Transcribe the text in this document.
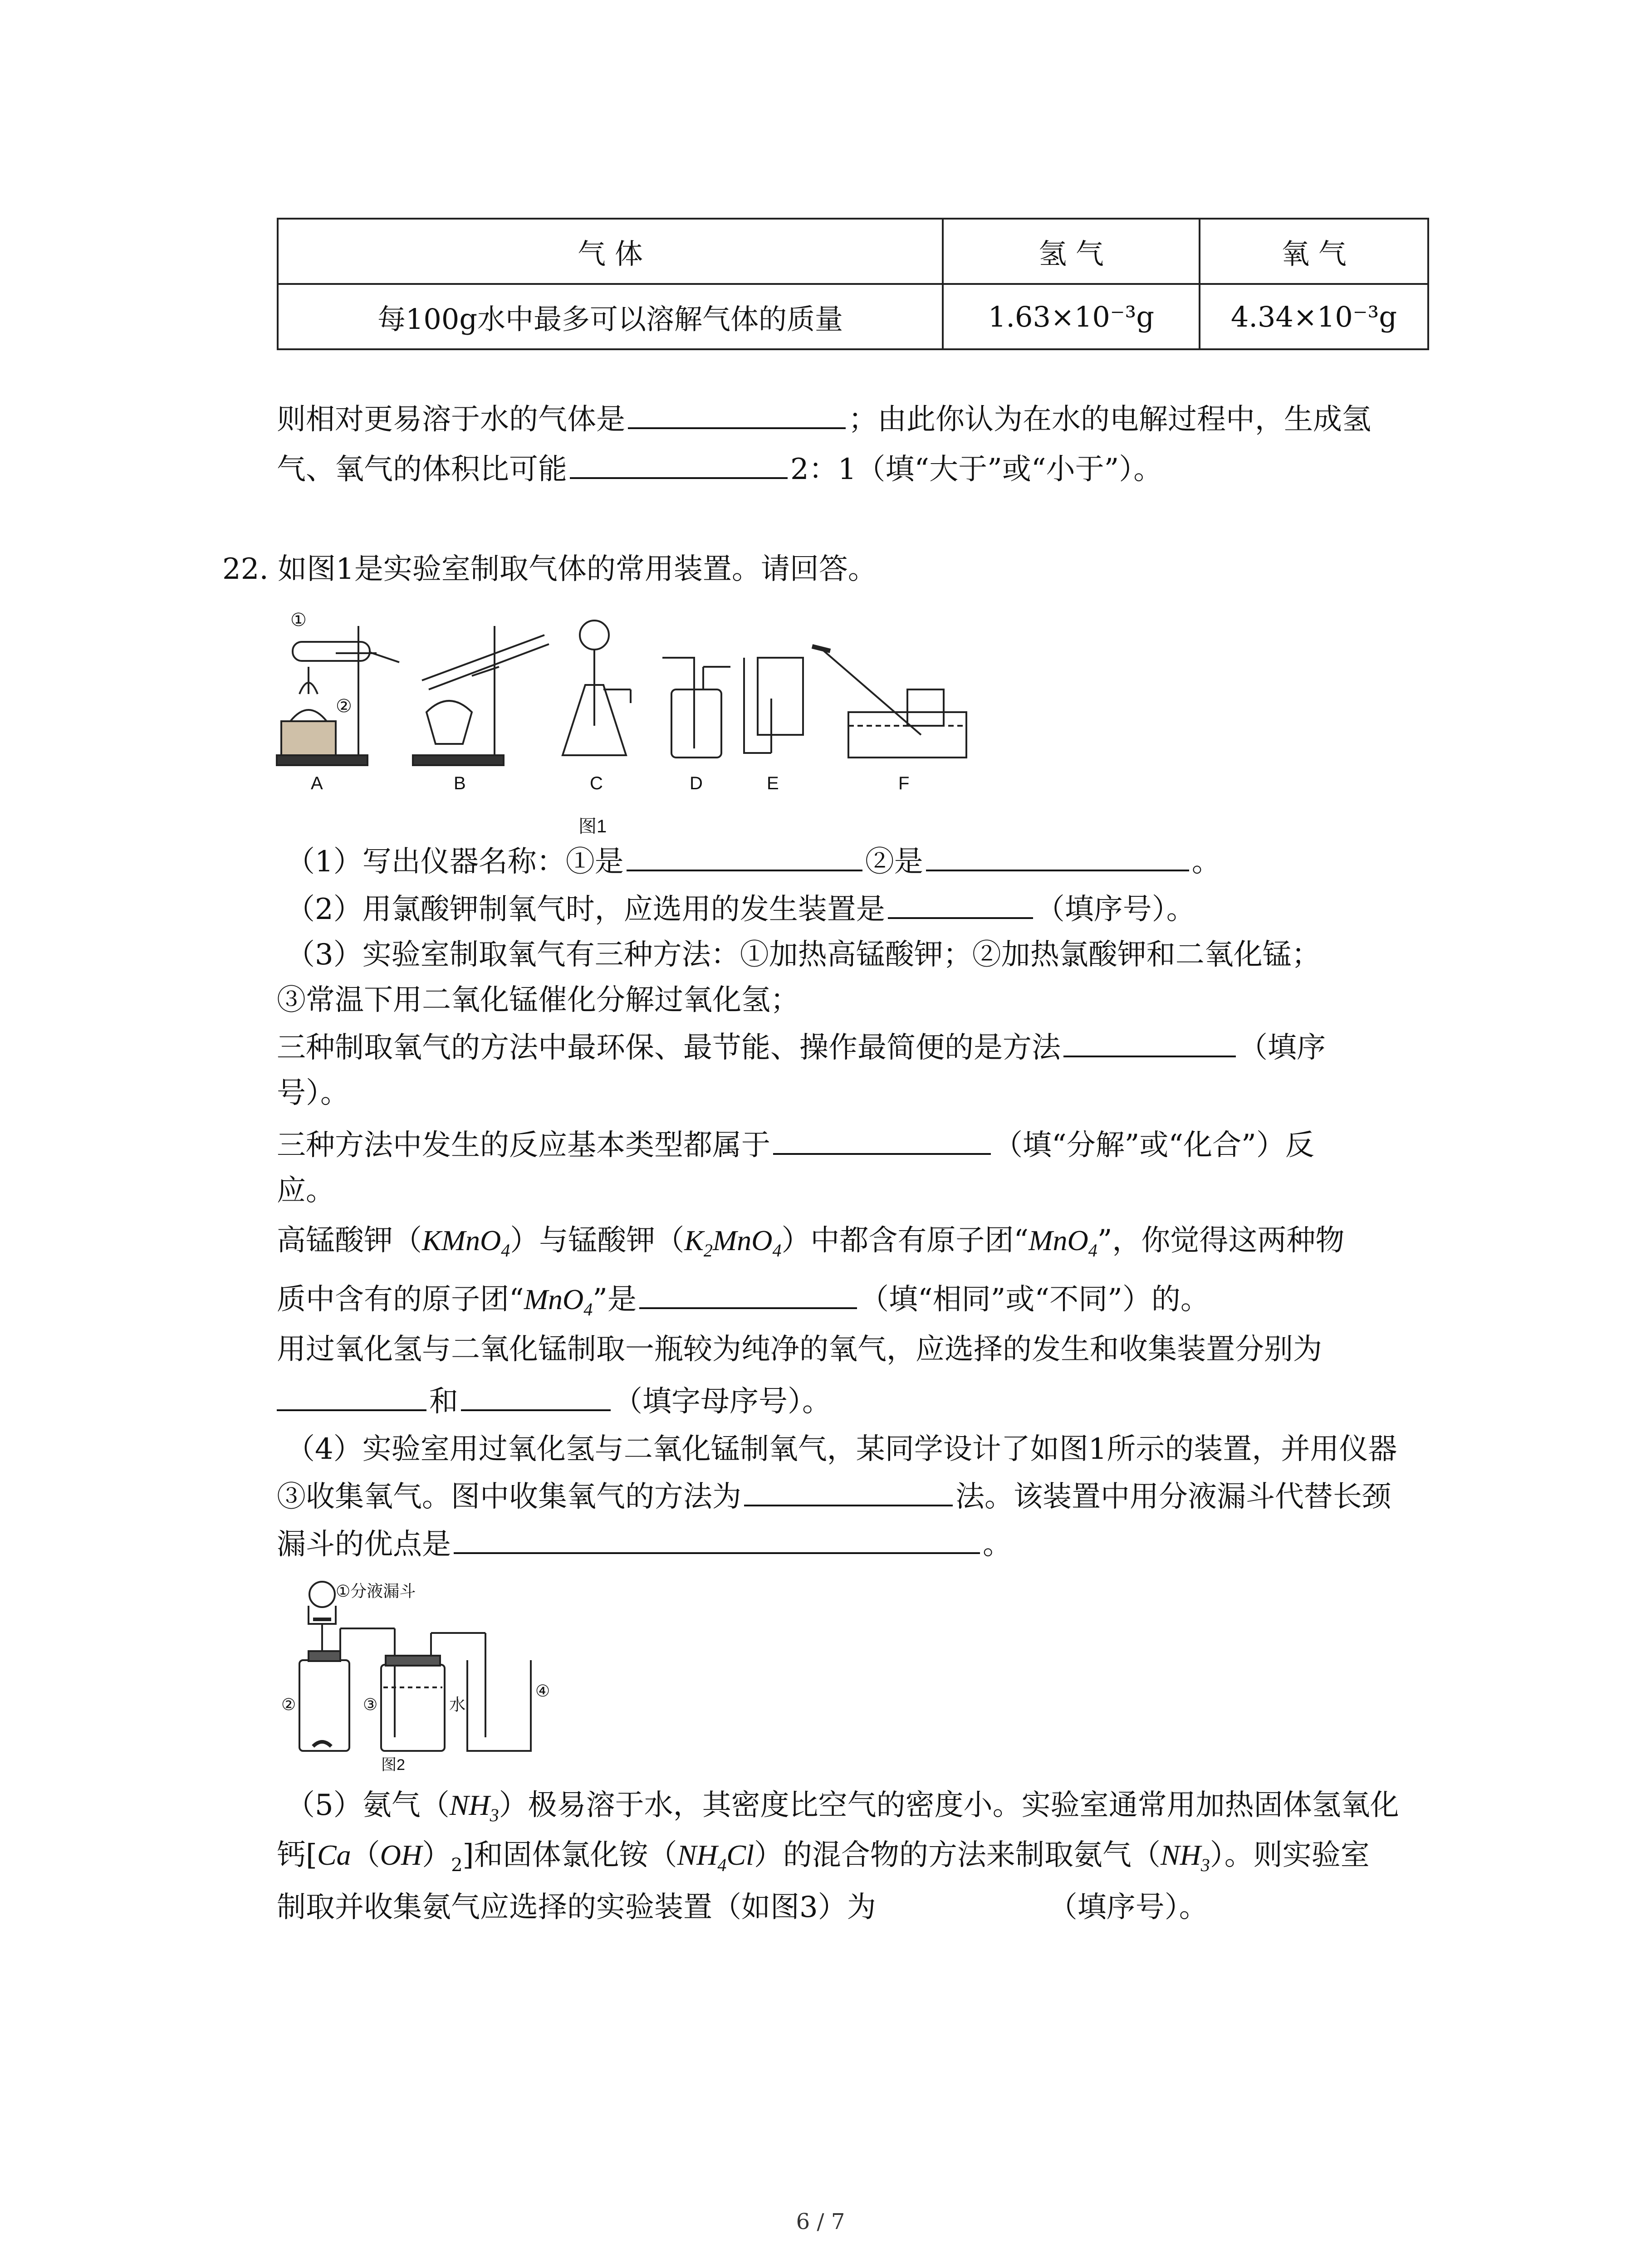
气 体	氢 气	氧 气
每100g水中最多可以溶解气体的质量	1.63×10⁻³g	4.34×10⁻³g
则相对更易溶于水的气体是	；由此你认为在水的电解过程中，生成氢
气、氧气的体积比可能	2：1（填“大于”或“小于”）。
22. 如图1是实验室制取气体的常用装置。请回答。
①
②
A	B	C	D	E	F
图1
（1）写出仪器名称：①是	②是	。
（2）用氯酸钾制氧气时，应选用的发生装置是	（填序号）。
（3）实验室制取氧气有三种方法：①加热高锰酸钾；②加热氯酸钾和二氧化锰；
③常温下用二氧化锰催化分解过氧化氢；
三种制取氧气的方法中最环保、最节能、操作最简便的是方法	（填序
号）。
三种方法中发生的反应基本类型都属于	（填“分解”或“化合”）反
应。
高锰酸钾（KMnO$_4$）与锰酸钾$(K_2MnO_4)$中都含有原子团“MnO$_4$”，你觉得这两种物
质中含有的原子团“MnO$_4$”是	（填“相同”或“不同”）的。
用过氧化氢与二氧化锰制取一瓶较为纯净的氧气，应选择的发生和收集装置分别为
和	（填字母序号）。
（4）实验室用过氧化氢与二氧化锰制氧气，某同学设计了如图1所示的装置，并用仪器
③收集氧气。图中收集氧气的方法为	法。该装置中用分液漏斗代替长颈
漏斗的优点是	。
①分液漏斗
②	③	水
④
图2
（5）氨气$(NH_3)$极易溶于水，其密度比空气的密度小。实验室通常用加热固体氢氧化
钙$[Ca(OH)_2]$和固体氯化铵$(NH_4Cl)$的混合物的方法来制取氨气$(NH_3)$。则实验室
制取并收集氨气应选择的实验装置（如图3）为	（填序号）。
6 / 7
